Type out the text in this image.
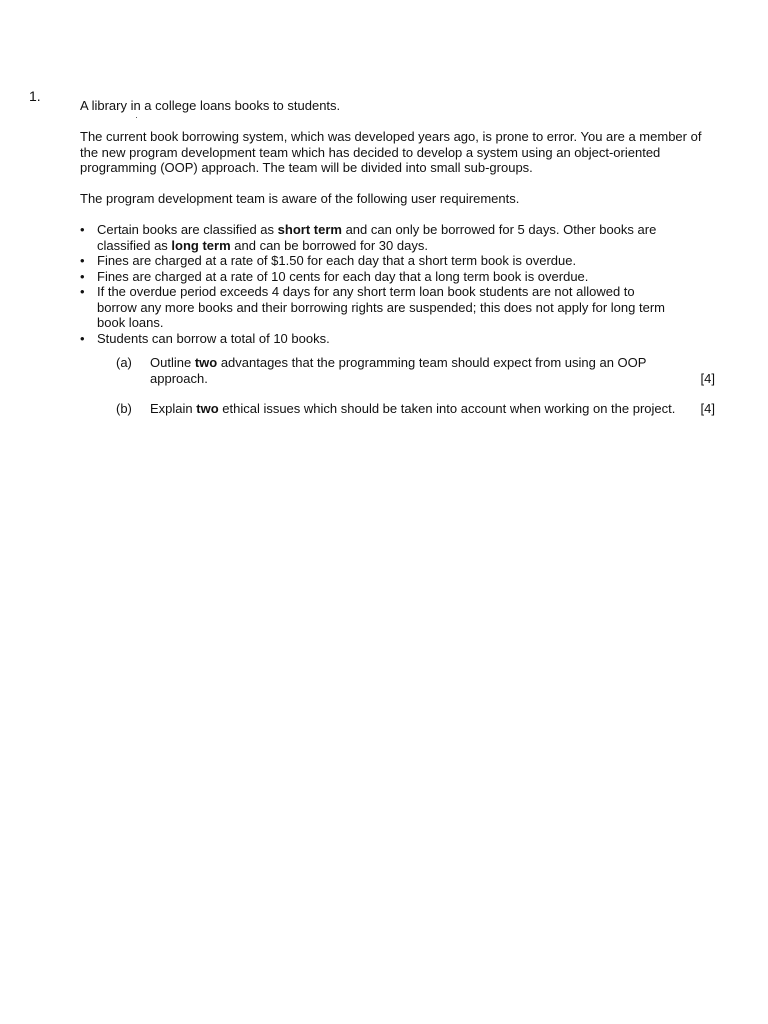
1.

A library in a college loans books to students.

The current book borrowing system, which was developed years ago, is prone to error. You are a member of the new program development team which has decided to develop a system using an object-oriented programming (OOP) approach. The team will be divided into small sub-groups.

The program development team is aware of the following user requirements.

• Certain books are classified as short term and can only be borrowed for 5 days. Other books are classified as long term and can be borrowed for 30 days.
• Fines are charged at a rate of $1.50 for each day that a short term book is overdue.
• Fines are charged at a rate of 10 cents for each day that a long term book is overdue.
• If the overdue period exceeds 4 days for any short term loan book students are not allowed to borrow any more books and their borrowing rights are suspended; this does not apply for long term book loans.
• Students can borrow a total of 10 books.
(a) Outline two advantages that the programming team should expect from using an OOP approach.	[4]
(b) Explain two ethical issues which should be taken into account when working on the project.	[4]
